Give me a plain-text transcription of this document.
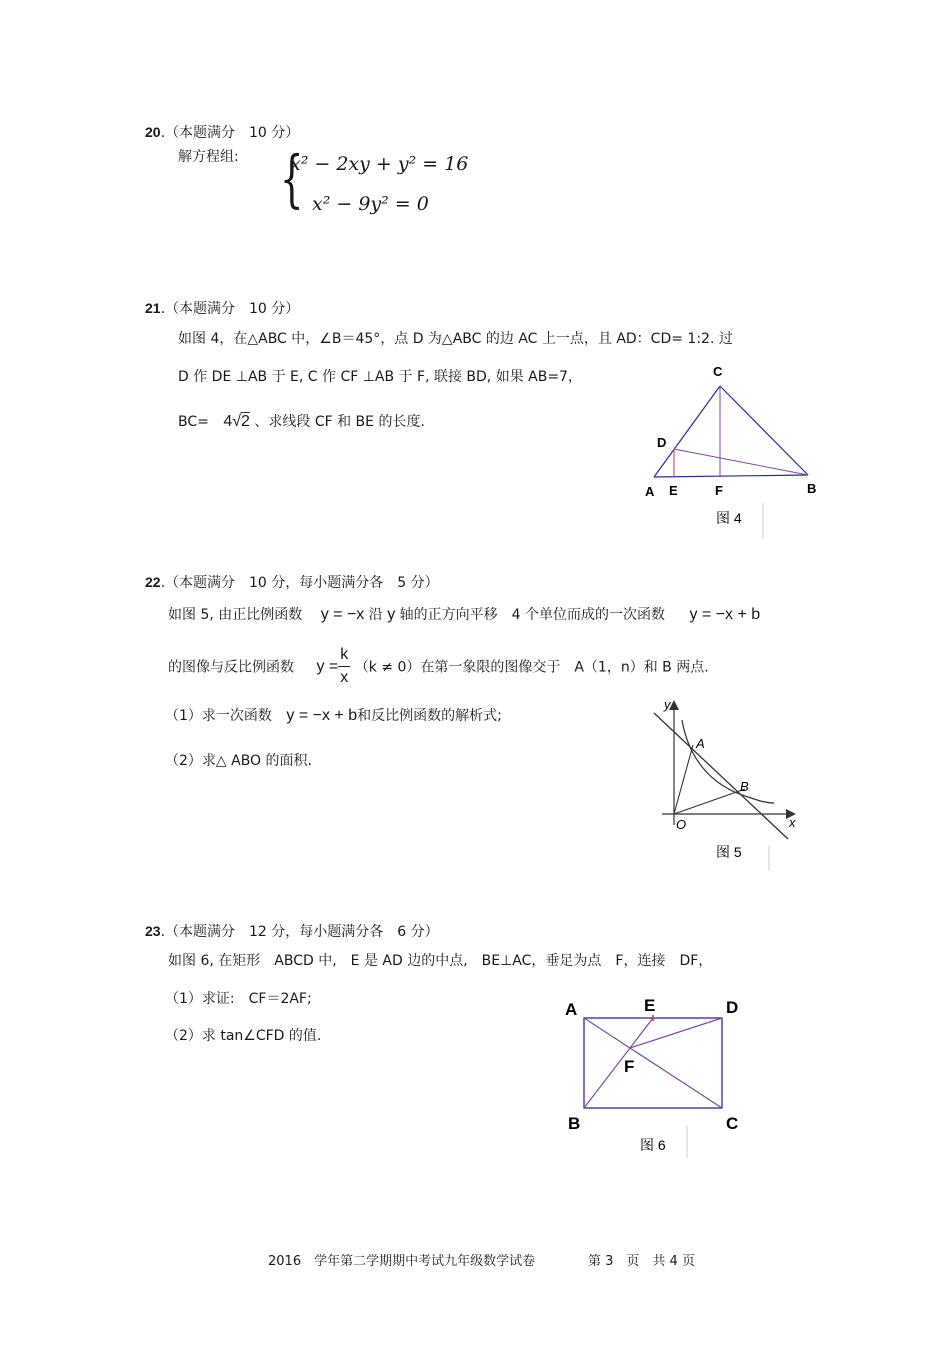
20.（本题满分　10 分）
解方程组: {
x² − 2xy + y² = 16
x² − 9y² = 0
21.（本题满分　10 分）
如图 4，在△ABC 中，∠B＝45°，点 D 为△ABC 的边 AC 上一点，且 AD：CD= 1:2. 过
D 作 DE ⊥AB 于 E, C 作 CF ⊥AB 于 F, 联接 BD, 如果 AB=7，
BC= 4√2 、求线段 CF 和 BE 的长度.
C
D
A E	F	B
图 4
22.（本题满分　10 分，每小题满分各　5 分）
如图 5, 由正比例函数 y = −x 沿 y 轴的正方向平移　4 个单位而成的一次函数 y = −x + b
的图像与反比例函数 $y = \frac{k}{x} (k \ne 0)$在第一象限的图像交于　A（1，n）和 B 两点.
（1）求一次函数 y = −x + b和反比例函数的解析式;
（2）求△ ABO 的面积.
y
A
B
O	x
图 5
23.（本题满分　12 分，每小题满分各　6 分）
如图 6, 在矩形　ABCD 中,　E 是 AD 边的中点,　BE⊥AC，垂足为点　F，连接　DF，
（1）求证:　CF＝2AF;
（2）求 tan∠CFD 的值.
A	E	D
F
B	C
图 6
2016　学年第二学期期中考试九年级数学试卷	第 3　页　共 4 页
